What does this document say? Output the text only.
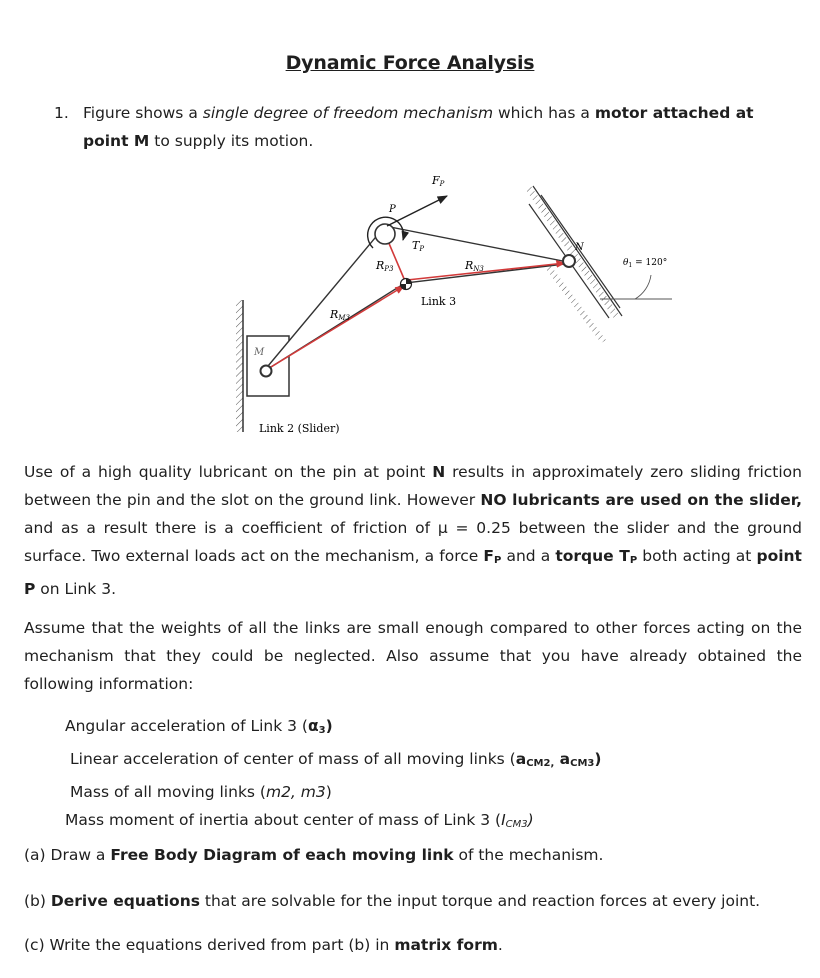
Dynamic Force Analysis
1. Figure shows a single degree of freedom mechanism which has a motor attached at point M to supply its motion.
FP
P
TP
RP3	RN3
N
$\theta_1 = 120^\circ$
Link 3
RM3
M
Link 2 (Slider)
Use of a high quality lubricant on the pin at point N results in approximately zero sliding friction between the pin and the slot on the ground link. However NO lubricants are used on the slider, and as a result there is a coefficient of friction of μ = 0.25 between the slider and the ground surface. Two external loads act on the mechanism, a force $F_P$ and a torque $T_P$ both acting at point P on Link 3.
Assume that the weights of all the links are small enough compared to other forces acting on the mechanism that they could be neglected. Also assume that you have already obtained the following information:
Angular acceleration of Link 3 $(\alpha_3)$
Linear acceleration of center of mass of all moving links ($a_{CM2,}$ $a_{CM3}$)
Mass of all moving links (m2, m3)
Mass moment of inertia about center of mass of Link 3 $(I_{CM3})$
(a) Draw a Free Body Diagram of each moving link of the mechanism.
(b) Derive equations that are solvable for the input torque and reaction forces at every joint.
(c) Write the equations derived from part (b) in matrix form.
